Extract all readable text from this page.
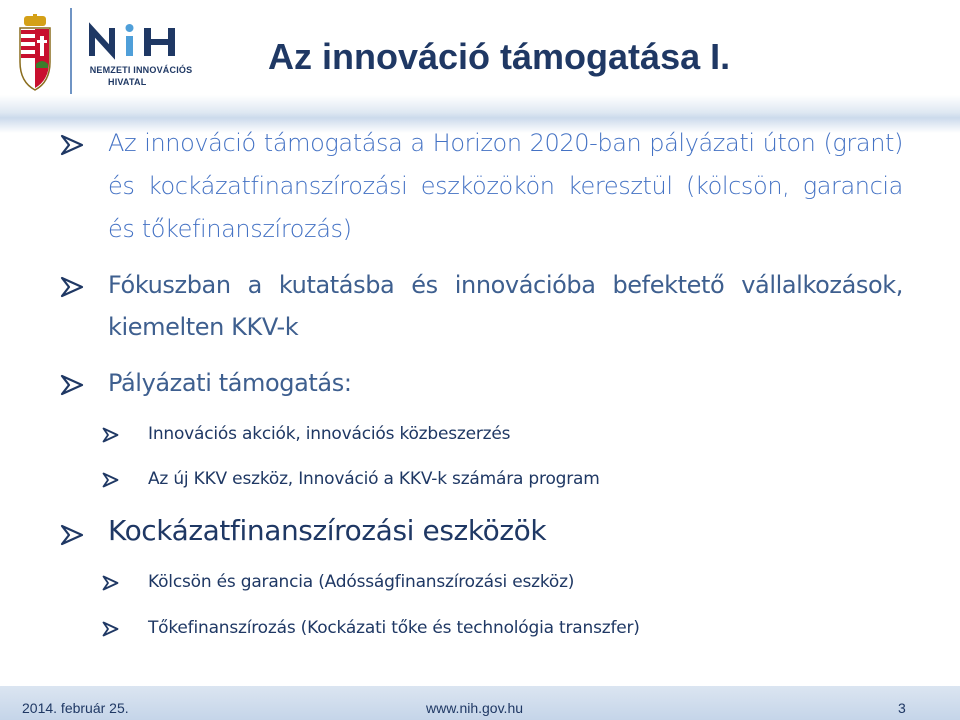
NEMZETI INNOVÁCIÓS
HIVATAL
Az innováció támogatása I.
Az innováció támogatása a Horizon 2020-ban pályázati úton (grant) és kockázatfinanszírozási eszközökön keresztül (kölcsön, garancia és tőkefinanszírozás)
Fókuszban a kutatásba és innovációba befektető vállalkozások, kiemelten KKV-k
Pályázati támogatás:
Innovációs akciók, innovációs közbeszerzés
Az új KKV eszköz, Innováció a KKV-k számára program
Kockázatfinanszírozási eszközök
Kölcsön és garancia (Adósságfinanszírozási eszköz)
Tőkefinanszírozás (Kockázati tőke és technológia transzfer)
2014. február 25.	www.nih.gov.hu	3
